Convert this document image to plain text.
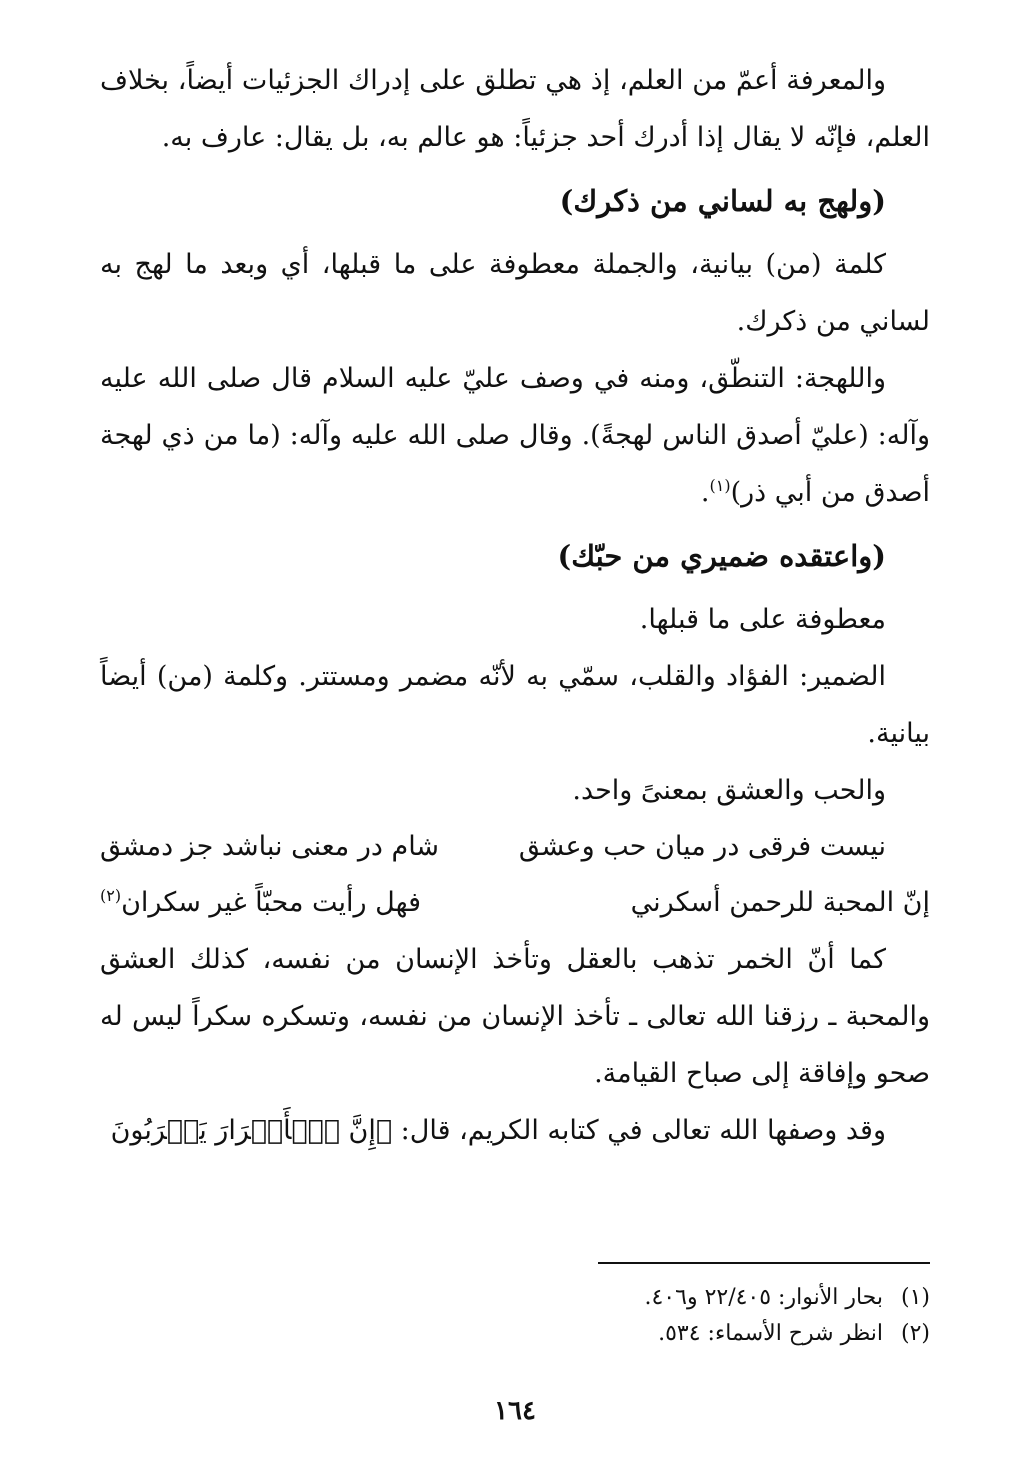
والمعرفة أعمّ من العلم، إذ هي تطلق على إدراك الجزئيات أيضاً، بخلاف العلم، فإنّه لا يقال إذا أدرك أحد جزئياً: هو عالم به، بل يقال: عارف به.

(ولهج به لساني من ذكرك)

كلمة (من) بيانية، والجملة معطوفة على ما قبلها، أي وبعد ما لهج به لساني من ذكرك.

واللهجة: التنطّق، ومنه في وصف عليّ عليه السلام قال صلى الله عليه وآله: (عليّ أصدق الناس لهجةً). وقال صلى الله عليه وآله: (ما من ذي لهجة أصدق من أبي ذر)$^{(١)}$.

(واعتقده ضميري من حبّك)

معطوفة على ما قبلها.

الضمير: الفؤاد والقلب، سمّي به لأنّه مضمر ومستتر. وكلمة (من) أيضاً بيانية.

والحب والعشق بمعنىً واحد.

نيست فرقى در ميان حب وعشق
شام در معنى نباشد جز دمشق
إنّ المحبة للرحمن أسكرني
فهل رأيت محبّاً غير سكران$^{(٢)}$

كما أنّ الخمر تذهب بالعقل وتأخذ الإنسان من نفسه، كذلك العشق والمحبة ـ رزقنا الله تعالى ـ تأخذ الإنسان من نفسه، وتسكره سكراً ليس له صحو وإفاقة إلى صباح القيامة.

وقد وصفها الله تعالى في كتابه الكريم، قال: ﴿إِنَّ ٱلۡأَبۡرَارَ يَشۡرَبُونَ

(١) بحار الأنوار: ٢٢/٤٠٥ و٤٠٦.

(٢) انظر شرح الأسماء: ٥٣٤.

١٦٤
